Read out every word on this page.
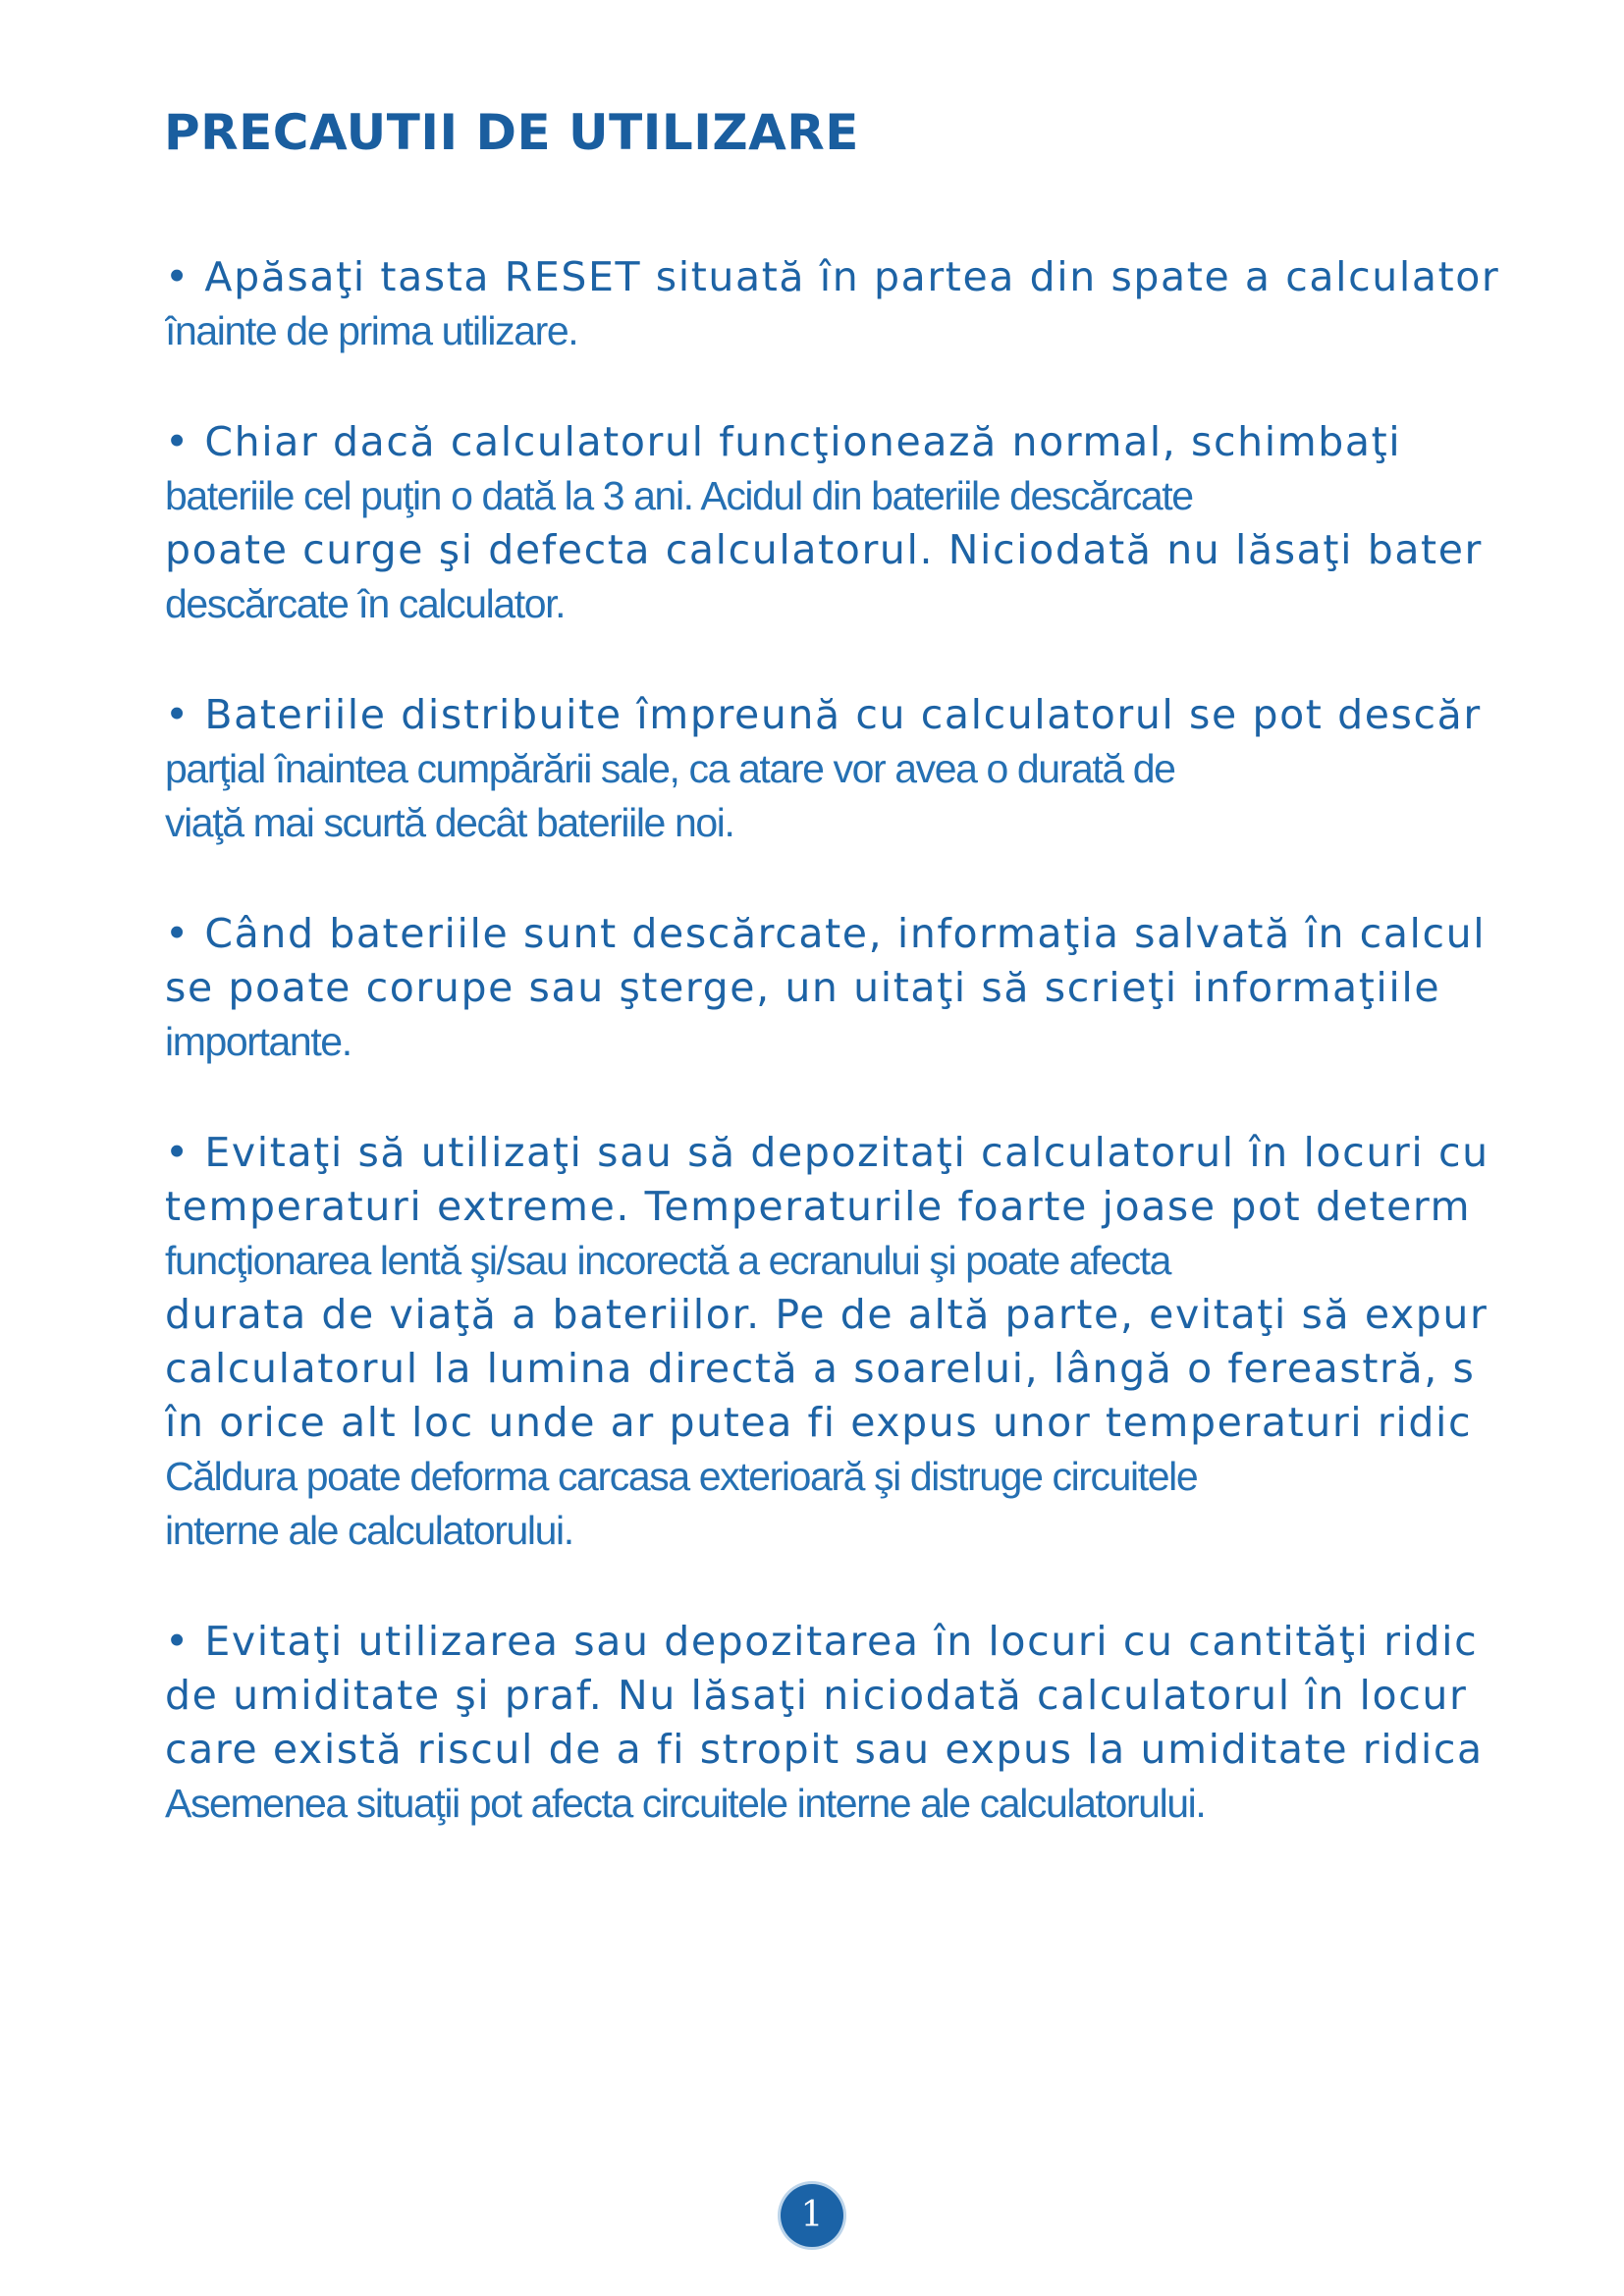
PRECAUTII DE UTILIZARE
• Apăsaţi tasta RESET situată în partea din spate a calculator
înainte de prima utilizare.
• Chiar dacă calculatorul funcţionează normal, schimbaţi
bateriile cel puţin o dată la 3 ani. Acidul din bateriile descărcate
poate curge şi defecta calculatorul. Niciodată nu lăsaţi bater
descărcate în calculator.
• Bateriile distribuite împreună cu calculatorul se pot descăr
parţial înaintea cumpărării sale, ca atare vor avea o durată de
viaţă mai scurtă decât bateriile noi.
• Când bateriile sunt descărcate, informaţia salvată în calcul
se poate corupe sau şterge, un uitaţi să scrieţi informaţiile
importante.
• Evitaţi să utilizaţi sau să depozitaţi calculatorul în locuri cu
temperaturi extreme. Temperaturile foarte joase pot determ
funcţionarea lentă şi/sau incorectă a ecranului şi poate afecta
durata de viaţă a bateriilor. Pe de altă parte, evitaţi să expur
calculatorul la lumina directă a soarelui, lângă o fereastră, s
în orice alt loc unde ar putea fi expus unor temperaturi ridic
Căldura poate deforma carcasa exterioară şi distruge circuitele
interne ale calculatorului.
• Evitaţi utilizarea sau depozitarea în locuri cu cantităţi ridic
de umiditate şi praf. Nu lăsaţi niciodată calculatorul în locur
care există riscul de a fi stropit sau expus la umiditate ridica
Asemenea situaţii pot afecta circuitele interne ale calculatorului.
1
